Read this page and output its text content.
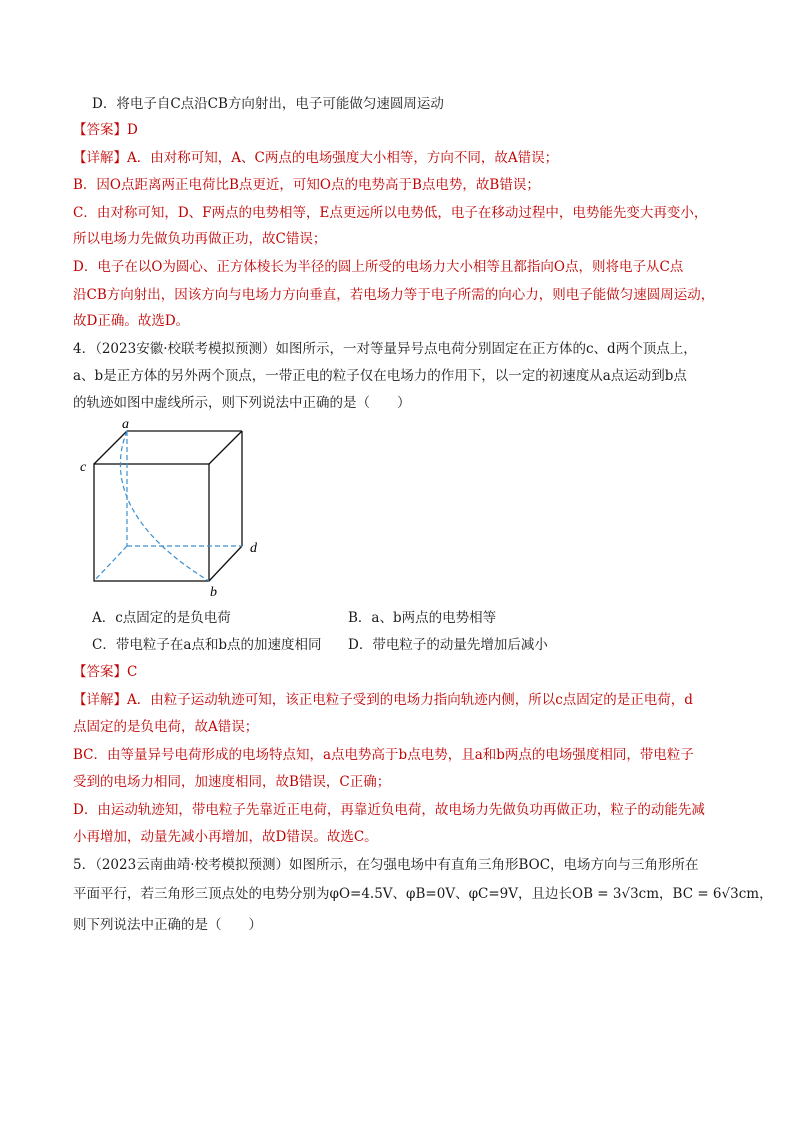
D．将电子自C点沿CB方向射出，电子可能做匀速圆周运动
【答案】D
【详解】A．由对称可知，A、C两点的电场强度大小相等，方向不同，故A错误；
B．因O点距离两正电荷比B点更近，可知O点的电势高于B点电势，故B错误；
C．由对称可知，D、F两点的电势相等，E点更远所以电势低，电子在移动过程中，电势能先变大再变小，
所以电场力先做负功再做正功，故C错误；
D．电子在以O为圆心、正方体棱长为半径的圆上所受的电场力大小相等且都指向O点，则将电子从C点
沿CB方向射出，因该方向与电场力方向垂直，若电场力等于电子所需的向心力，则电子能做匀速圆周运动，
故D正确。故选D。
4．（2023安徽·校联考模拟预测）如图所示，一对等量异号点电荷分别固定在正方体的c、d两个顶点上，
a、b是正方体的另外两个顶点，一带正电的粒子仅在电场力的作用下，以一定的初速度从a点运动到b点
的轨迹如图中虚线所示，则下列说法中正确的是（　　）
a
c
d
b
A．c点固定的是负电荷	B．a、b两点的电势相等
C．带电粒子在a点和b点的加速度相同 D．带电粒子的动量先增加后减小
【答案】C
【详解】A．由粒子运动轨迹可知，该正电粒子受到的电场力指向轨迹内侧，所以c点固定的是正电荷，d
点固定的是负电荷，故A错误；
BC．由等量异号电荷形成的电场特点知，a点电势高于b点电势，且a和b两点的电场强度相同，带电粒子
受到的电场力相同，加速度相同，故B错误，C正确；
D．由运动轨迹知，带电粒子先靠近正电荷，再靠近负电荷，故电场力先做负功再做正功，粒子的动能先减
小再增加，动量先减小再增加，故D错误。故选C。
5．（2023云南曲靖·校考模拟预测）如图所示，在匀强电场中有直角三角形BOC，电场方向与三角形所在
平面平行，若三角形三顶点处的电势分别为φO=4.5V、φB=0V、φC=9V，且边长OB = 3√3cm，BC = 6√3cm，
则下列说法中正确的是（　　）
